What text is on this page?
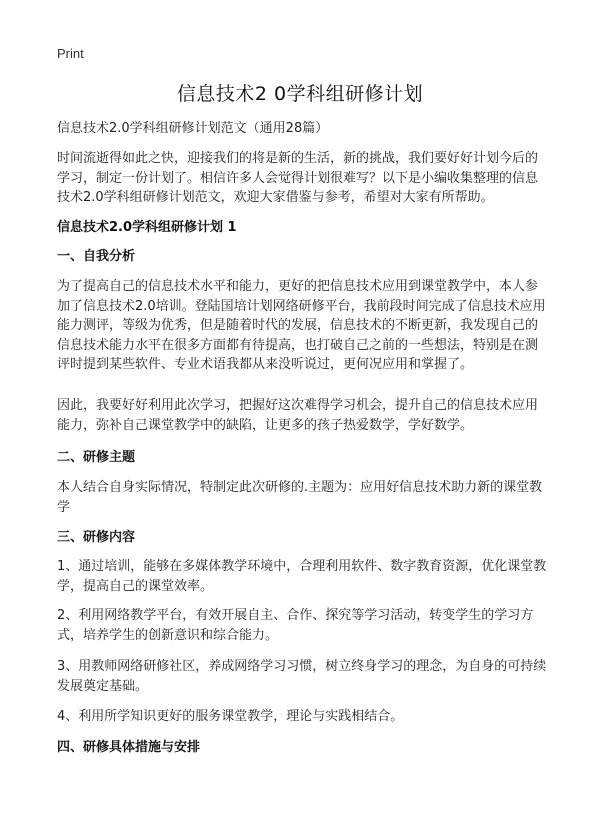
Print
信息技术2 0学科组研修计划

信息技术2.0学科组研修计划范文（通用28篇）

时间流逝得如此之快，迎接我们的将是新的生活，新的挑战，我们要好好计划今后的学习，制定一份计划了。相信许多人会觉得计划很难写？以下是小编收集整理的信息技术2.0学科组研修计划范文，欢迎大家借鉴与参考，希望对大家有所帮助。

信息技术2.0学科组研修计划 1

一、自我分析

为了提高自己的信息技术水平和能力，更好的把信息技术应用到课堂教学中，本人参加了信息技术2.0培训。登陆国培计划网络研修平台，我前段时间完成了信息技术应用能力测评，等级为优秀，但是随着时代的发展，信息技术的不断更新，我发现自己的信息技术能力水平在很多方面都有待提高，也打破自己之前的一些想法，特别是在测评时提到某些软件、专业术语我都从来没听说过，更何况应用和掌握了。

因此，我要好好利用此次学习，把握好这次难得学习机会，提升自己的信息技术应用能力，弥补自己课堂教学中的缺陷，让更多的孩子热爱数学，学好数学。

二、研修主题

本人结合自身实际情况，特制定此次研修的.主题为：应用好信息技术助力新的课堂教学

三、研修内容

1、通过培训，能够在多媒体教学环境中，合理利用软件、数字教育资源，优化课堂教学，提高自己的课堂效率。

2、利用网络教学平台，有效开展自主、合作、探究等学习活动，转变学生的学习方式，培养学生的创新意识和综合能力。

3、用教师网络研修社区，养成网络学习习惯，树立终身学习的理念，为自身的可持续发展奠定基础。

4、利用所学知识更好的服务课堂教学，理论与实践相结合。

四、研修具体措施与安排
